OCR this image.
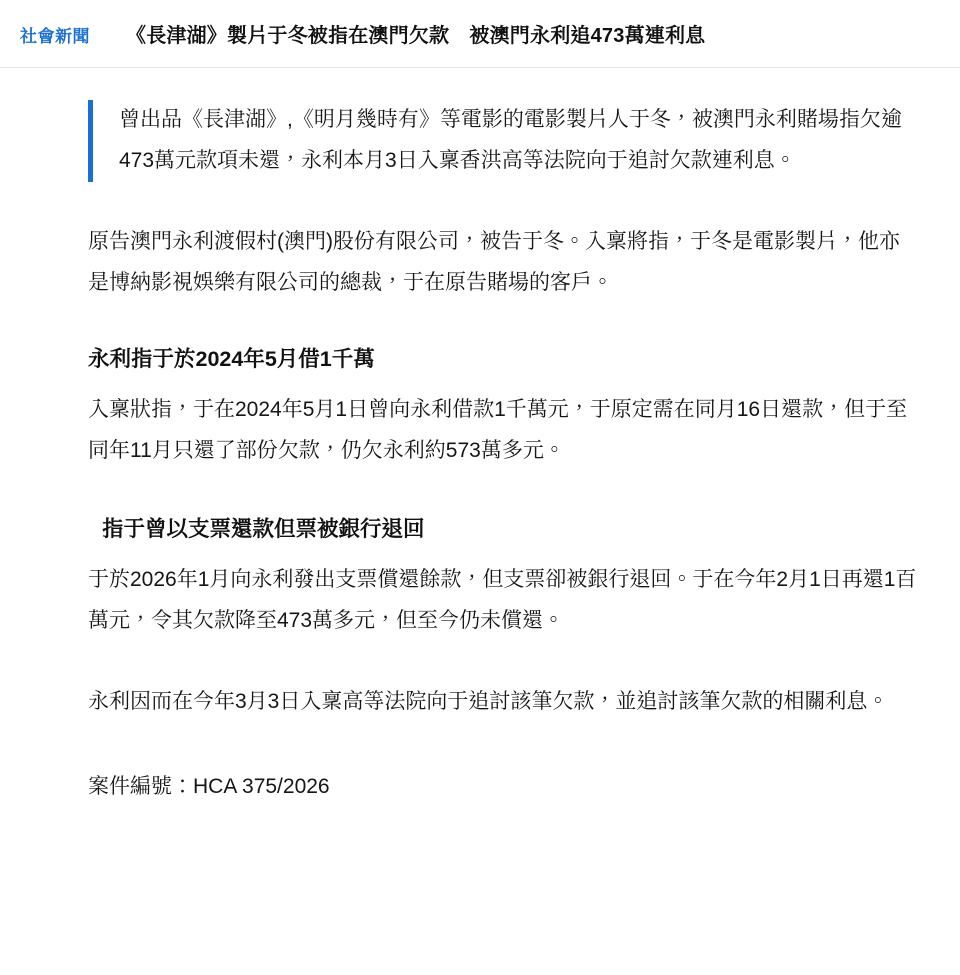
社會新聞 《長津湖》製片于冬被指在澳門欠款　被澳門永利追473萬連利息
曾出品《長津湖》,《明月幾時有》等電影的電影製片人于冬，被澳門永利賭場指欠逾473萬元款項未還，永利本月3日入稟香洪高等法院向于追討欠款連利息。

原告澳門永利渡假村(澳門)股份有限公司，被告于冬。入稟將指，于冬是電影製片，他亦是博納影視娛樂有限公司的總裁，于在原告賭場的客戶。

永利指于於2024年5月借1千萬

入稟狀指，于在2024年5月1日曾向永利借款1千萬元，于原定需在同月16日還款，但于至同年11月只還了部份欠款，仍欠永利約573萬多元。

指于曾以支票還款但票被銀行退回

于於2026年1月向永利發出支票償還餘款，但支票卻被銀行退回。于在今年2月1日再還1百萬元，令其欠款降至473萬多元，但至今仍未償還。

永利因而在今年3月3日入稟高等法院向于追討該筆欠款，並追討該筆欠款的相關利息。

案件編號：HCA 375/2026
